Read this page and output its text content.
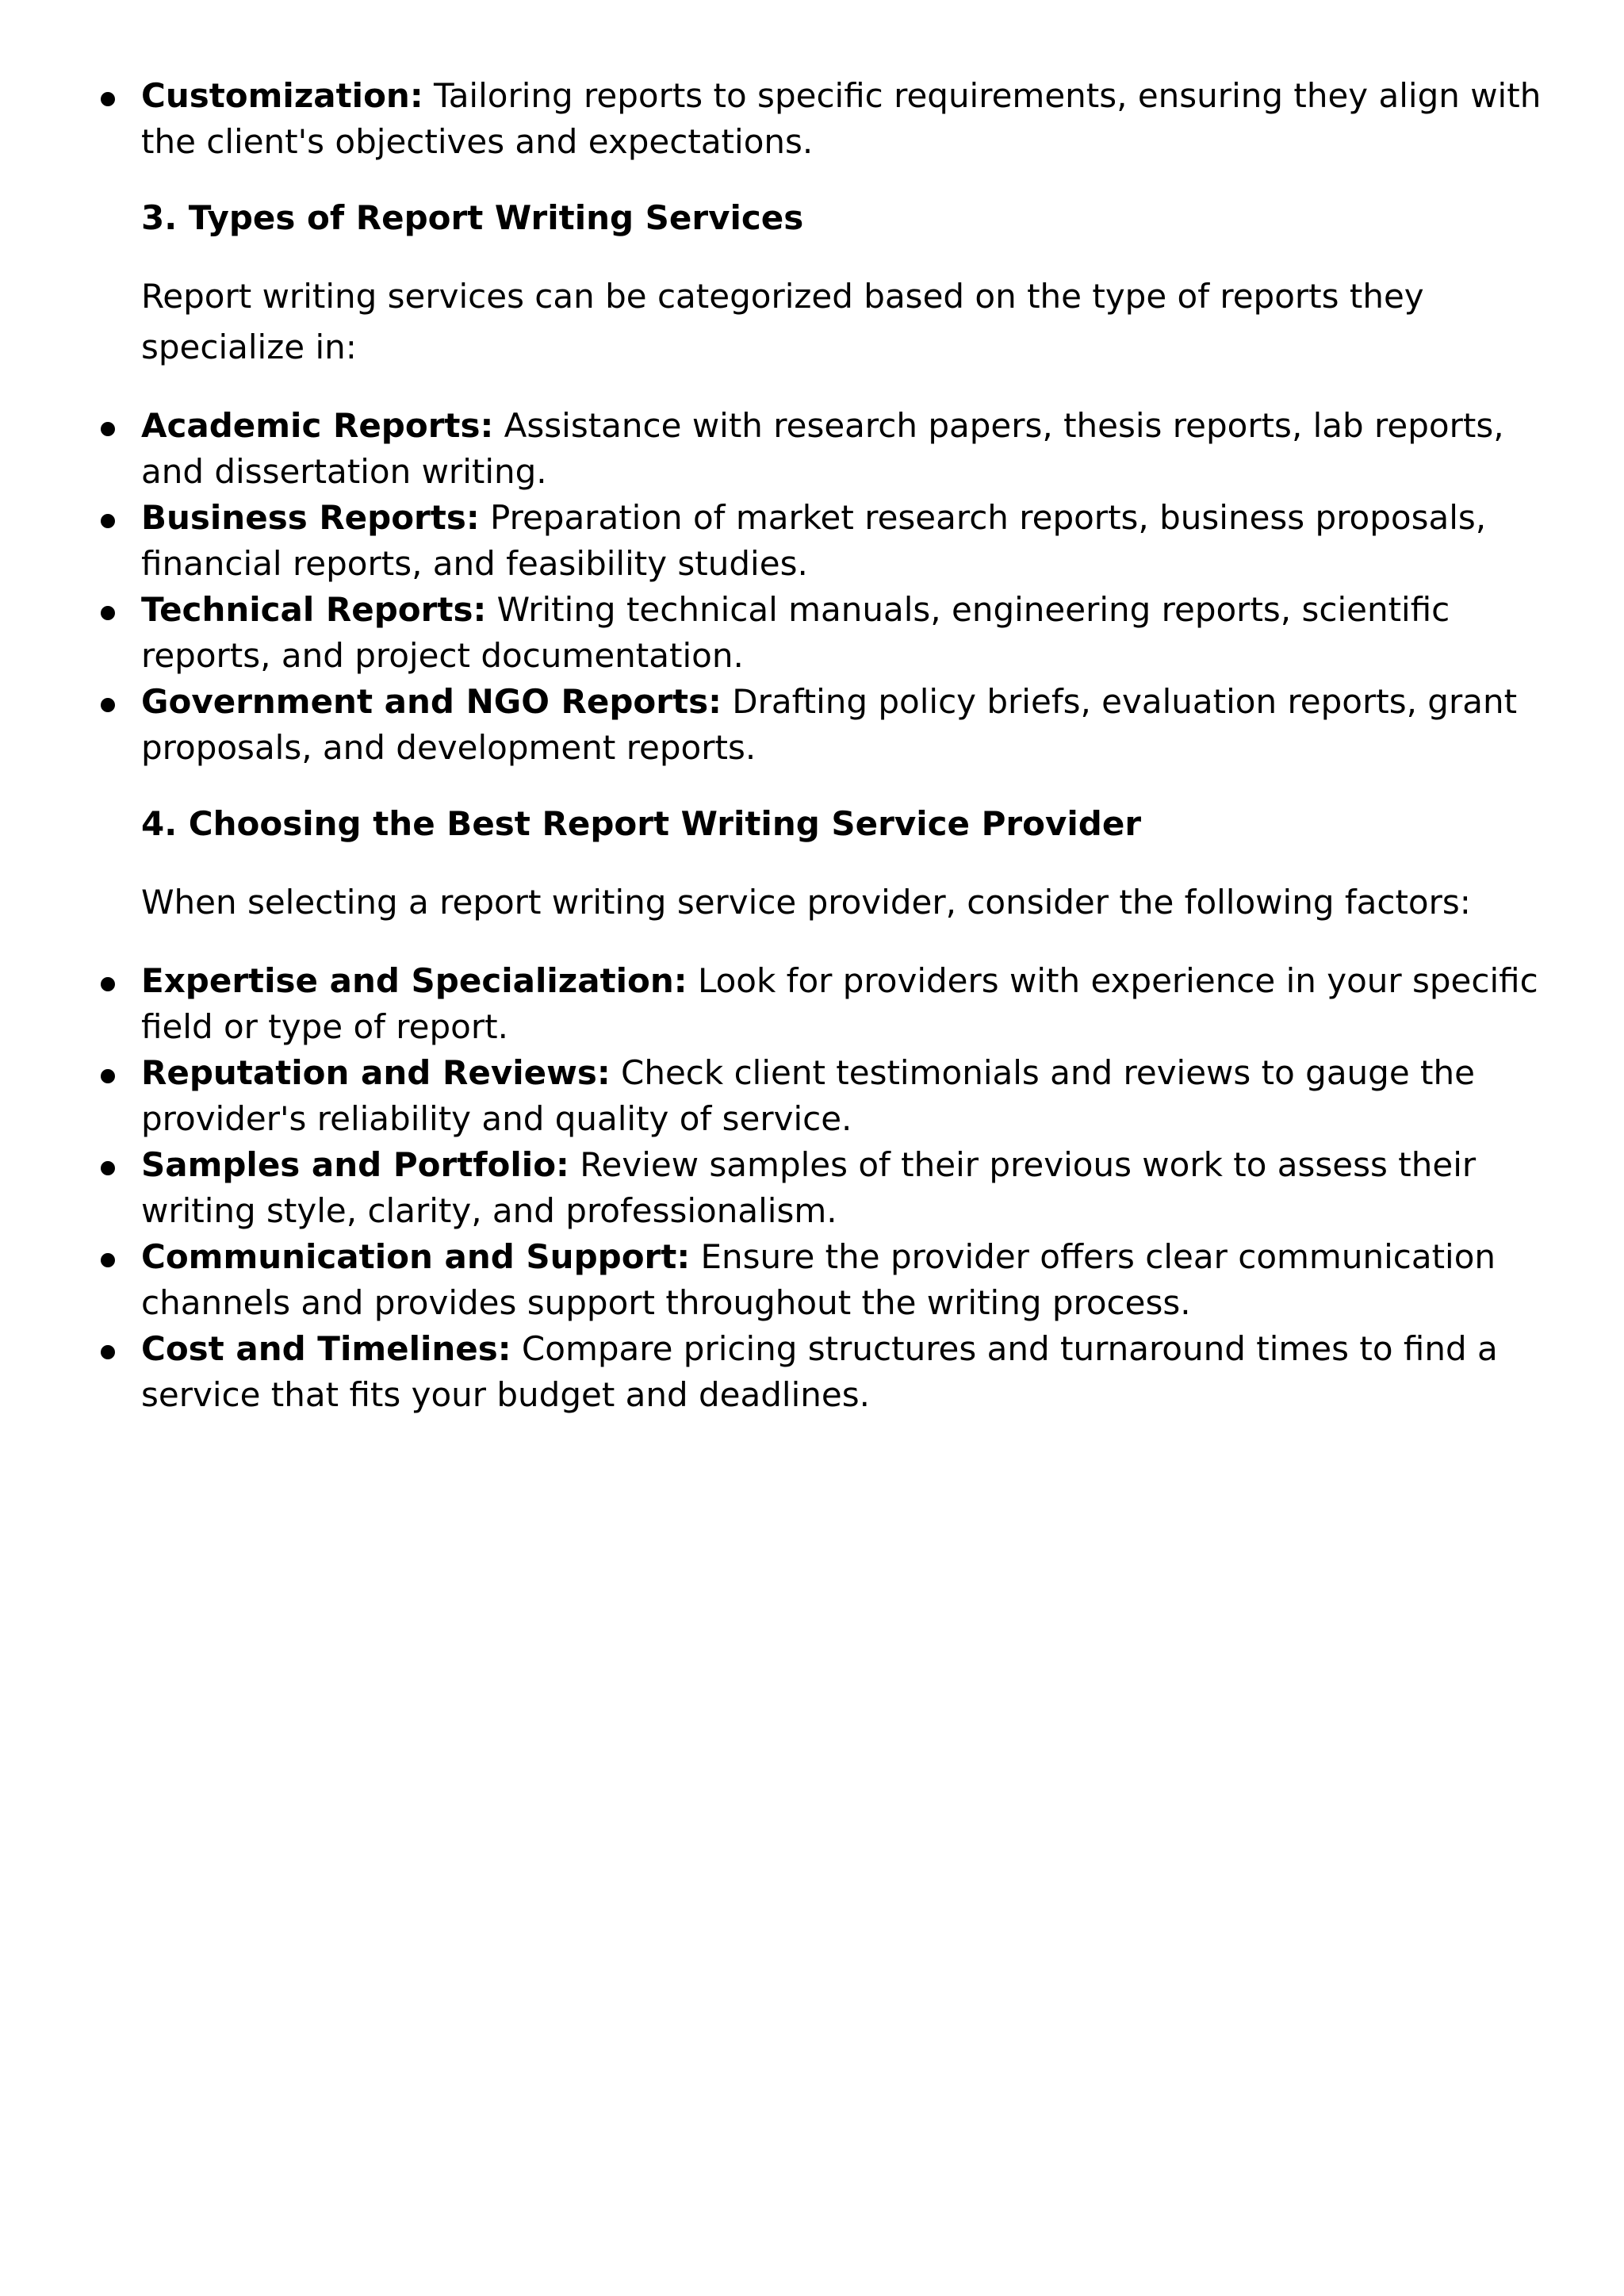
Customization: Tailoring reports to specific requirements, ensuring they align with the client's objectives and expectations.
3. Types of Report Writing Services

Report writing services can be categorized based on the type of reports they specialize in:

Academic Reports: Assistance with research papers, thesis reports, lab reports, and dissertation writing.
Business Reports: Preparation of market research reports, business proposals, financial reports, and feasibility studies.
Technical Reports: Writing technical manuals, engineering reports, scientific reports, and project documentation.
Government and NGO Reports: Drafting policy briefs, evaluation reports, grant proposals, and development reports.
4. Choosing the Best Report Writing Service Provider

When selecting a report writing service provider, consider the following factors:

Expertise and Specialization: Look for providers with experience in your specific field or type of report.
Reputation and Reviews: Check client testimonials and reviews to gauge the provider's reliability and quality of service.
Samples and Portfolio: Review samples of their previous work to assess their writing style, clarity, and professionalism.
Communication and Support: Ensure the provider offers clear communication channels and provides support throughout the writing process.
Cost and Timelines: Compare pricing structures and turnaround times to find a service that fits your budget and deadlines.
